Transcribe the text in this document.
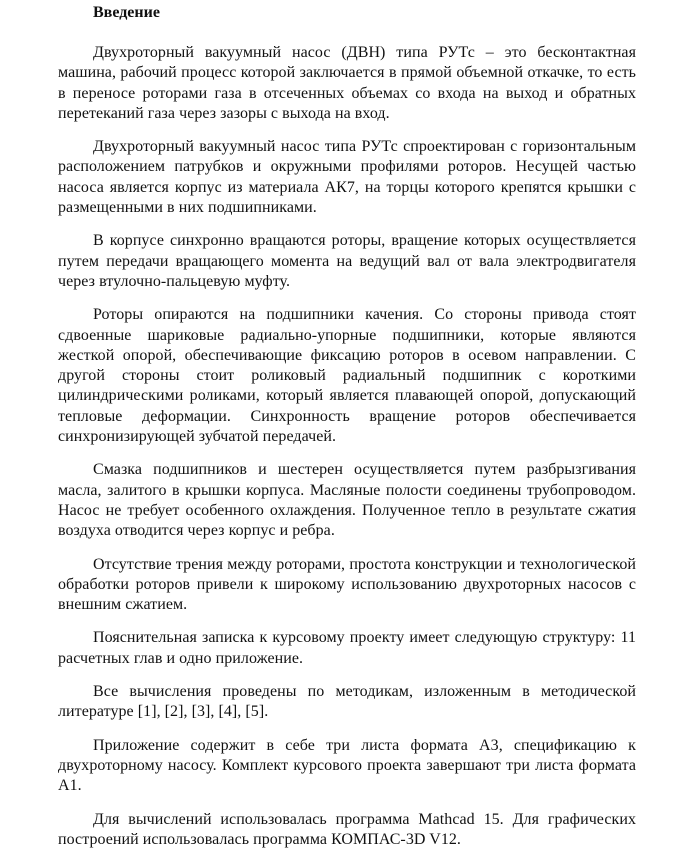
Введение

Двухроторный вакуумный насос (ДВН) типа РУТс – это бесконтактная машина, рабочий процесс которой заключается в прямой объемной откачке, то есть в переносе роторами газа в отсеченных объемах со входа на выход и обратных перетеканий газа через зазоры с выхода на вход.

Двухроторный вакуумный насос типа РУТс спроектирован с горизонтальным расположением патрубков и окружными профилями роторов. Несущей частью насоса является корпус из материала АК7, на торцы которого крепятся крышки с размещенными в них подшипниками.

В корпусе синхронно вращаются роторы, вращение которых осуществляется путем передачи вращающего момента на ведущий вал от вала электродвигателя через втулочно-пальцевую муфту.

Роторы опираются на подшипники качения. Со стороны привода стоят сдвоенные шариковые радиально-упорные подшипники, которые являются жесткой опорой, обеспечивающие фиксацию роторов в осевом направлении. С другой стороны стоит роликовый радиальный подшипник с короткими цилиндрическими роликами, который является плавающей опорой, допускающий тепловые деформации. Синхронность вращение роторов обеспечивается синхронизирующей зубчатой передачей.

Смазка подшипников и шестерен осуществляется путем разбрызгивания масла, залитого в крышки корпуса. Масляные полости соединены трубопроводом. Насос не требует особенного охлаждения. Полученное тепло в результате сжатия воздуха отводится через корпус и ребра.

Отсутствие трения между роторами, простота конструкции и технологической обработки роторов привели к широкому использованию двухроторных насосов с внешним сжатием.

Пояснительная записка к курсовому проекту имеет следующую структуру: 11 расчетных глав и одно приложение.

Все вычисления проведены по методикам, изложенным в методической литературе [1], [2], [3], [4], [5].

Приложение содержит в себе три листа формата А3, спецификацию к двухроторному насосу. Комплект курсового проекта завершают три листа формата А1.

Для вычислений использовалась программа Mathcad 15. Для графических построений использовалась программа КОМПАС-3D V12.
